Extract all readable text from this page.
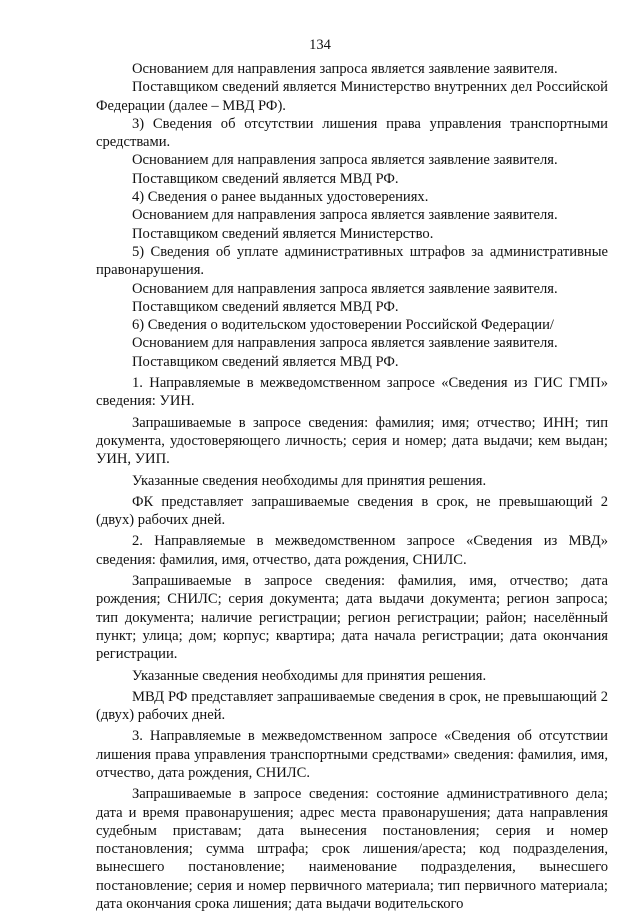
134

Основанием для направления запроса является заявление заявителя.

Поставщиком сведений является Министерство внутренних дел Российской Федерации (далее – МВД РФ).

3) Сведения об отсутствии лишения права управления транспортными средствами.

Основанием для направления запроса является заявление заявителя.

Поставщиком сведений является МВД РФ.

4) Сведения о ранее выданных удостоверениях.

Основанием для направления запроса является заявление заявителя.

Поставщиком сведений является Министерство.

5) Сведения об уплате административных штрафов за административные правонарушения.

Основанием для направления запроса является заявление заявителя.

Поставщиком сведений является МВД РФ.

6) Сведения о водительском удостоверении Российской Федерации/

Основанием для направления запроса является заявление заявителя.

Поставщиком сведений является МВД РФ.

1. Направляемые в межведомственном запросе «Сведения из ГИС ГМП» сведения: УИН.

Запрашиваемые в запросе сведения: фамилия; имя; отчество; ИНН; тип документа, удостоверяющего личность; серия и номер; дата выдачи; кем выдан; УИН, УИП.

Указанные сведения необходимы для принятия решения.

ФК представляет запрашиваемые сведения в срок, не превышающий 2 (двух) рабочих дней.

2. Направляемые в межведомственном запросе «Сведения из МВД» сведения: фамилия, имя, отчество, дата рождения, СНИЛС.

Запрашиваемые в запросе сведения: фамилия, имя, отчество; дата рождения; СНИЛС; серия документа; дата выдачи документа; регион запроса; тип документа; наличие регистрации; регион регистрации; район; населённый пункт; улица; дом; корпус; квартира; дата начала регистрации; дата окончания регистрации.

Указанные сведения необходимы для принятия решения.

МВД РФ представляет запрашиваемые сведения в срок, не превышающий 2 (двух) рабочих дней.

3. Направляемые в межведомственном запросе «Сведения об отсутствии лишения права управления транспортными средствами» сведения: фамилия, имя, отчество, дата рождения, СНИЛС.

Запрашиваемые в запросе сведения: состояние административного дела; дата и время правонарушения; адрес места правонарушения; дата направления судебным приставам; дата вынесения постановления; серия и номер постановления; сумма штрафа; срок лишения/ареста; код подразделения, вынесшего постановление; наименование подразделения, вынесшего постановление; серия и номер первичного материала; тип первичного материала; дата окончания срока лишения; дата выдачи водительского
